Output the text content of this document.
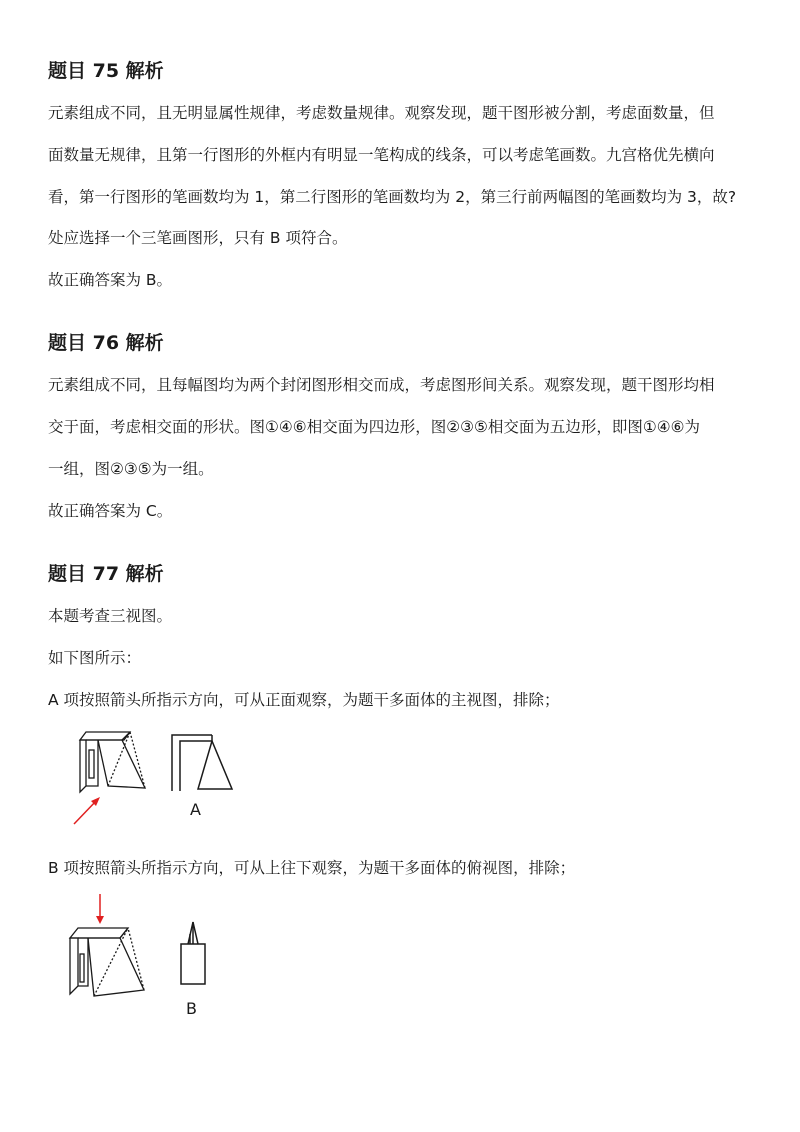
题目 75 解析
元素组成不同，且无明显属性规律，考虑数量规律。观察发现，题干图形被分割，考虑面数量，但
面数量无规律，且第一行图形的外框内有明显一笔构成的线条，可以考虑笔画数。九宫格优先横向
看，第一行图形的笔画数均为 1，第二行图形的笔画数均为 2，第三行前两幅图的笔画数均为 3，故?
处应选择一个三笔画图形，只有 B 项符合。
故正确答案为 B。
题目 76 解析
元素组成不同，且每幅图均为两个封闭图形相交而成，考虑图形间关系。观察发现，题干图形均相
交于面，考虑相交面的形状。图①④⑥相交面为四边形，图②③⑤相交面为五边形，即图①④⑥为
一组，图②③⑤为一组。
故正确答案为 C。
题目 77 解析
本题考查三视图。
如下图所示：
A 项按照箭头所指示方向，可从正面观察，为题干多面体的主视图，排除；
A
B 项按照箭头所指示方向，可从上往下观察，为题干多面体的俯视图，排除；
B
